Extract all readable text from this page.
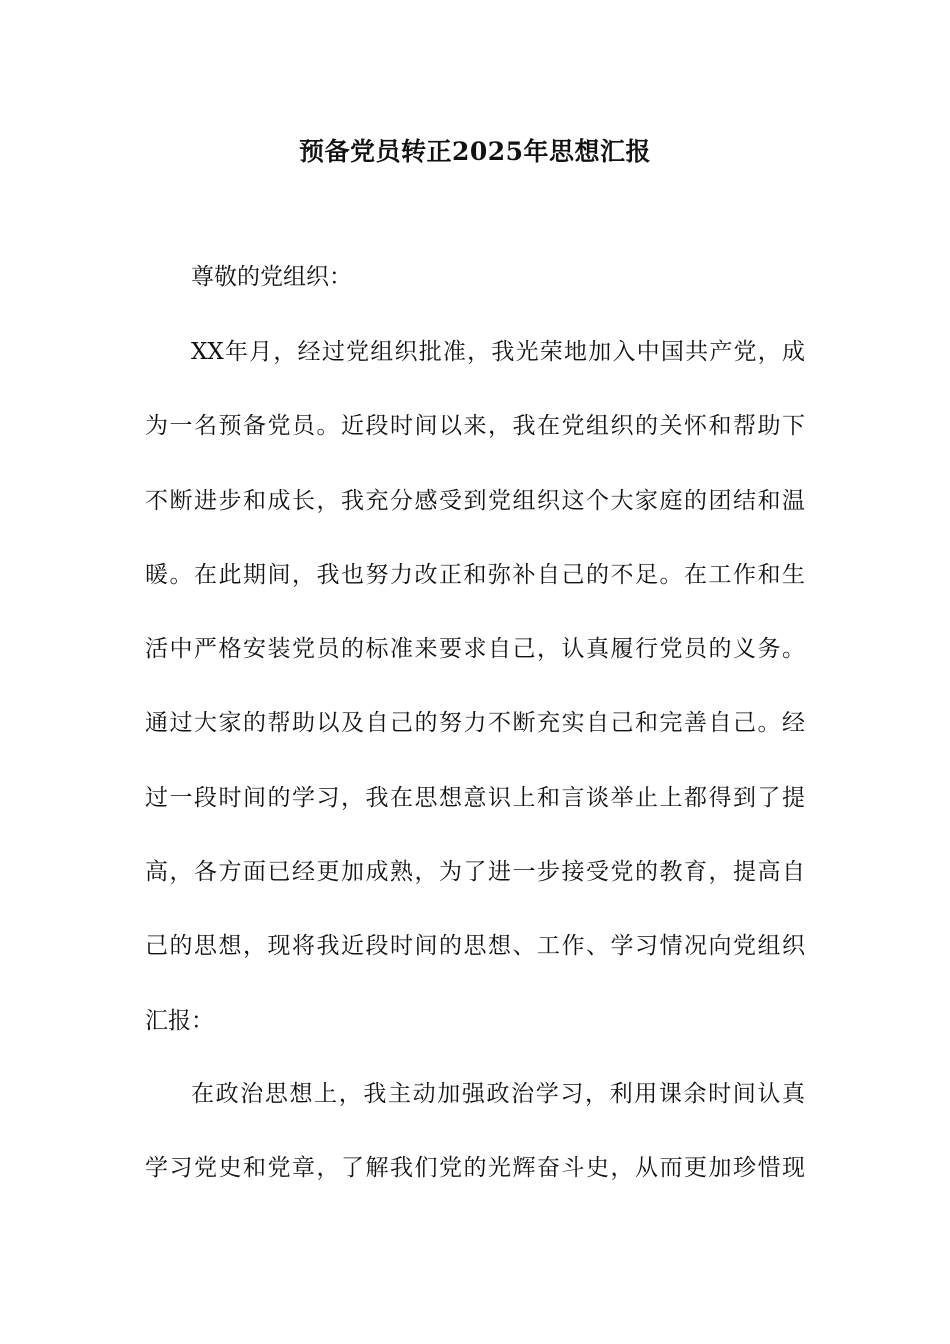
预备党员转正2025年思想汇报
尊敬的党组织：
XX年月，经过党组织批准，我光荣地加入中国共产党，成
为一名预备党员。近段时间以来，我在党组织的关怀和帮助下
不断进步和成长，我充分感受到党组织这个大家庭的团结和温
暖。在此期间，我也努力改正和弥补自己的不足。在工作和生
活中严格安装党员的标准来要求自己，认真履行党员的义务。
通过大家的帮助以及自己的努力不断充实自己和完善自己。经
过一段时间的学习，我在思想意识上和言谈举止上都得到了提
高，各方面已经更加成熟，为了进一步接受党的教育，提高自
己的思想，现将我近段时间的思想、工作、学习情况向党组织
汇报：
在政治思想上，我主动加强政治学习，利用课余时间认真
学习党史和党章，了解我们党的光辉奋斗史，从而更加珍惜现
